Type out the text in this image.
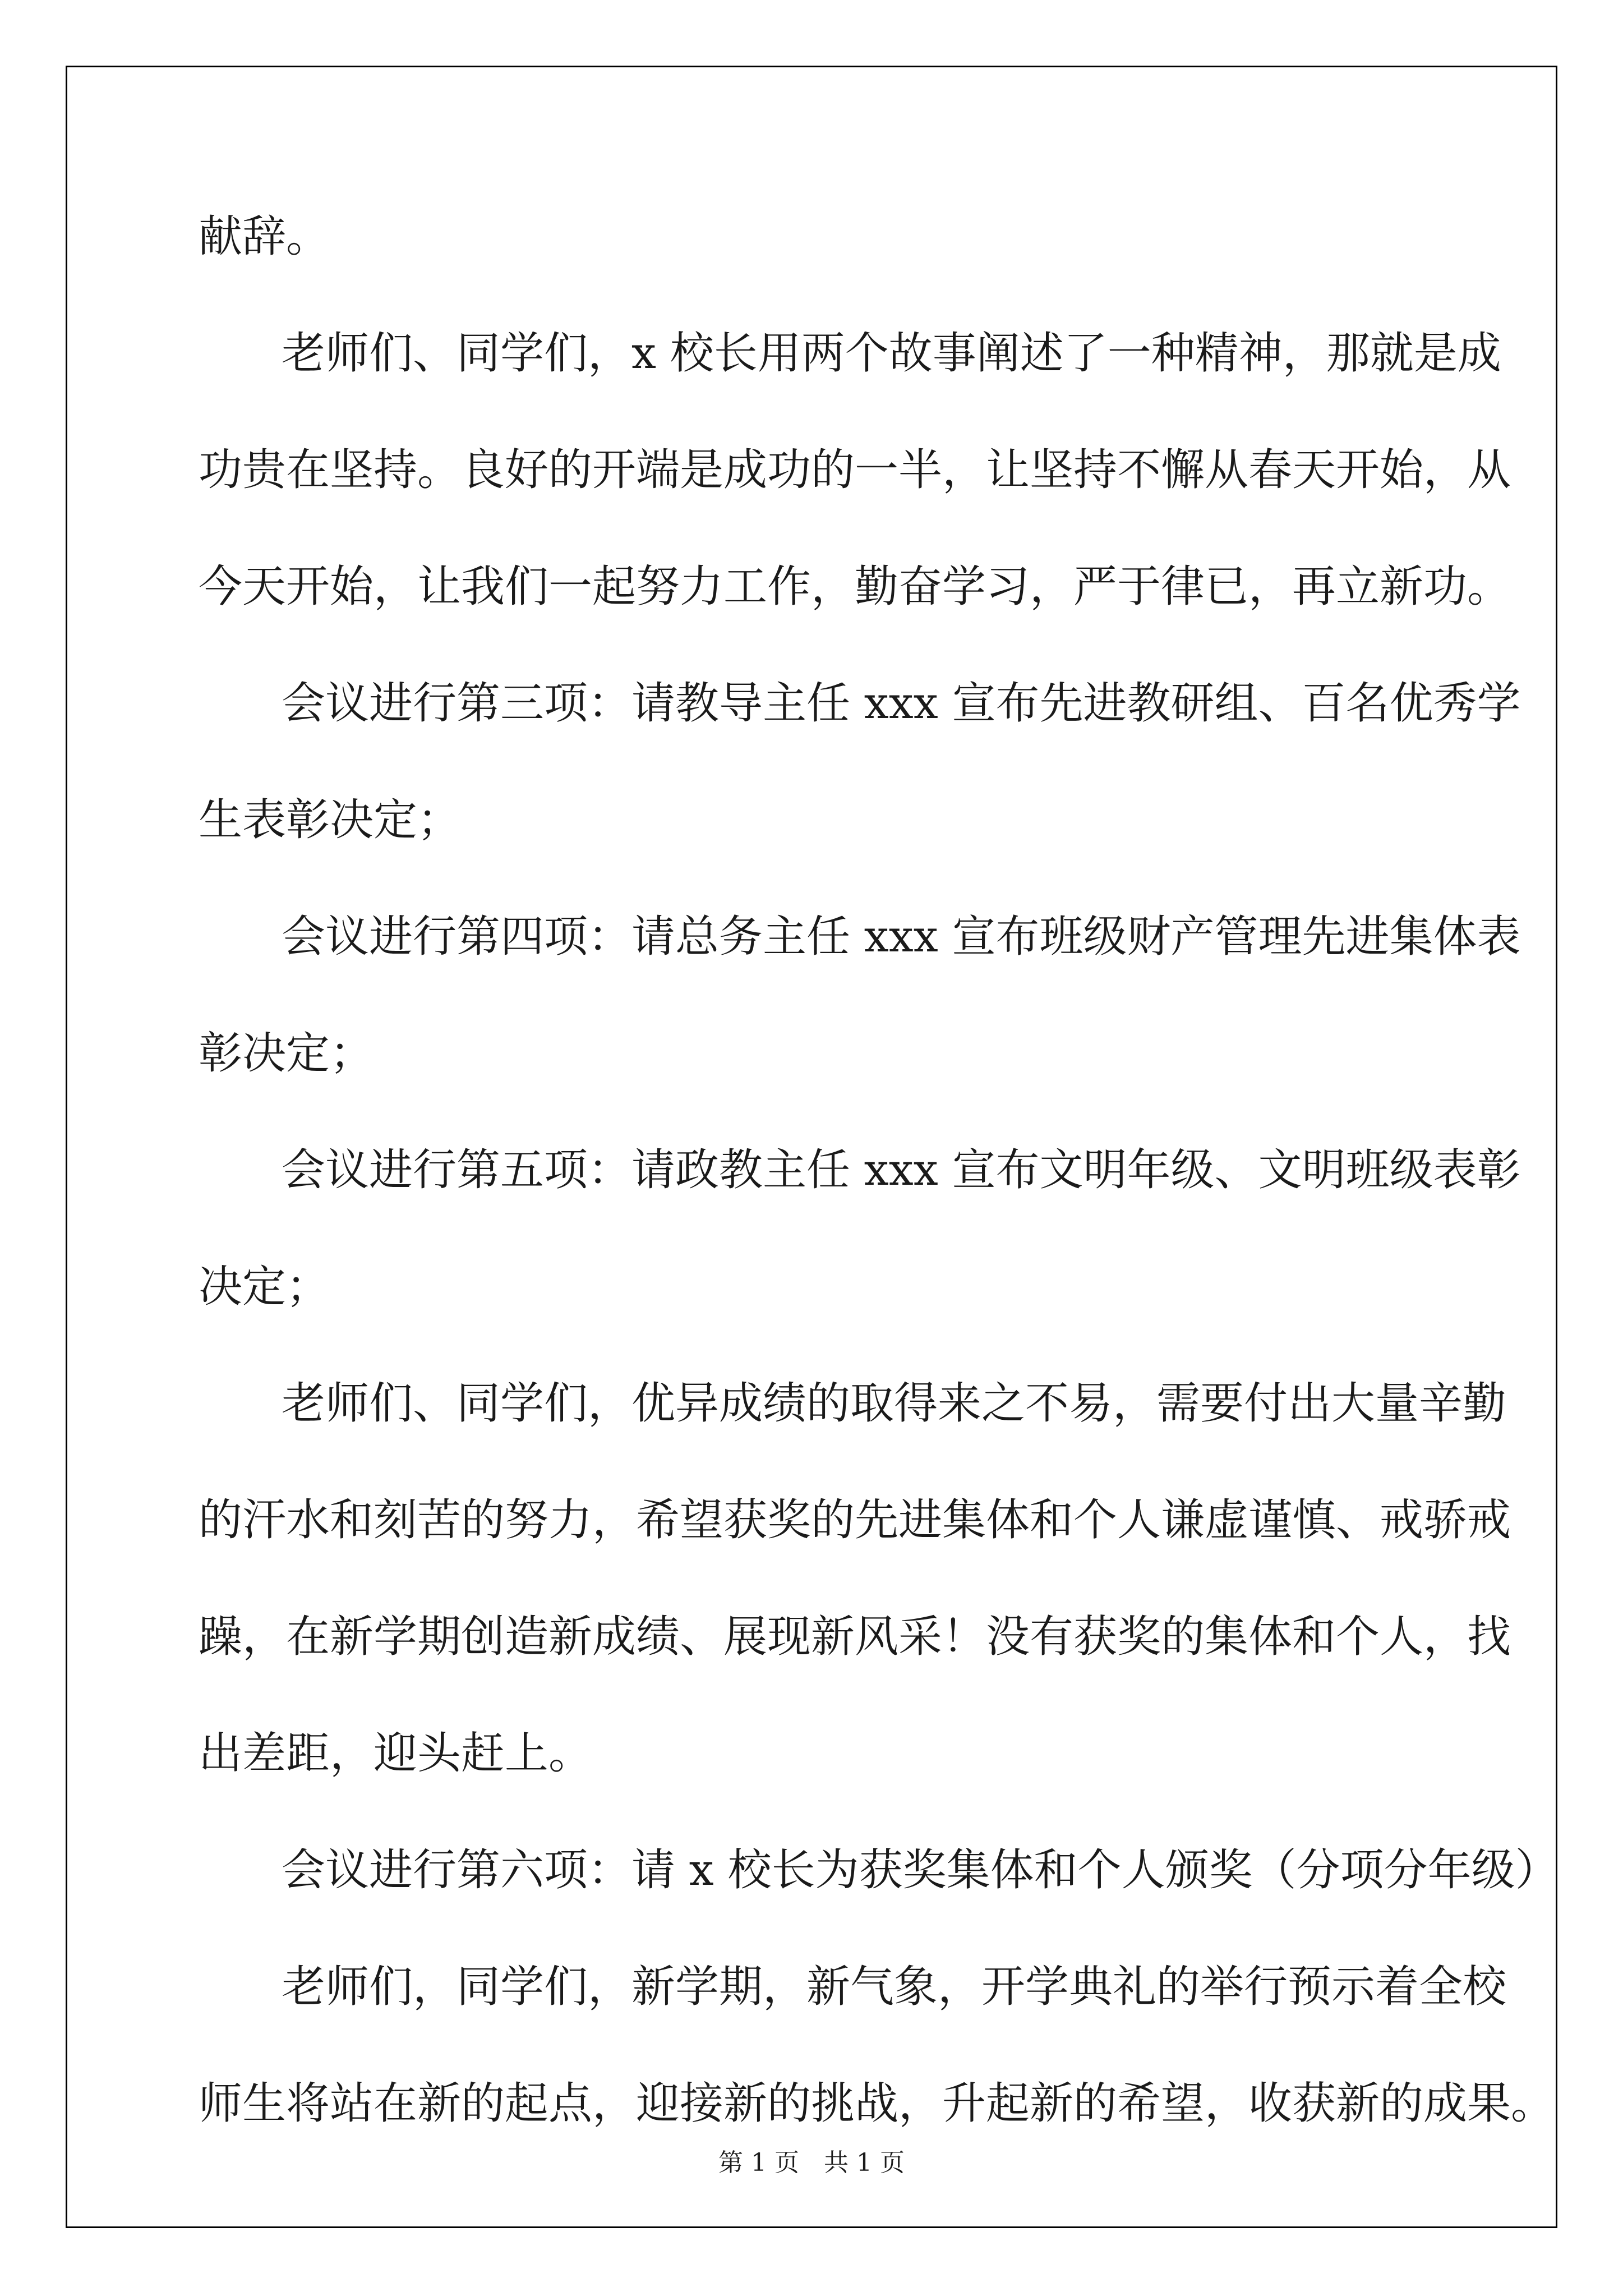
献辞。
老师们、同学们，x 校长用两个故事阐述了一种精神，那就是成
功贵在坚持。良好的开端是成功的一半，让坚持不懈从春天开始，从
今天开始，让我们一起努力工作，勤奋学习，严于律已，再立新功。
会议进行第三项：请教导主任 xxx 宣布先进教研组、百名优秀学
生表彰决定；
会议进行第四项：请总务主任 xxx 宣布班级财产管理先进集体表
彰决定；
会议进行第五项：请政教主任 xxx 宣布文明年级、文明班级表彰
决定；
老师们、同学们，优异成绩的取得来之不易，需要付出大量辛勤
的汗水和刻苦的努力，希望获奖的先进集体和个人谦虚谨慎、戒骄戒
躁，在新学期创造新成绩、展现新风采！没有获奖的集体和个人，找
出差距，迎头赶上。
会议进行第六项：请 x 校长为获奖集体和个人颁奖（分项分年级）
老师们，同学们，新学期，新气象，开学典礼的举行预示着全校
师生将站在新的起点，迎接新的挑战，升起新的希望，收获新的成果。
第 1 页　共 1 页
